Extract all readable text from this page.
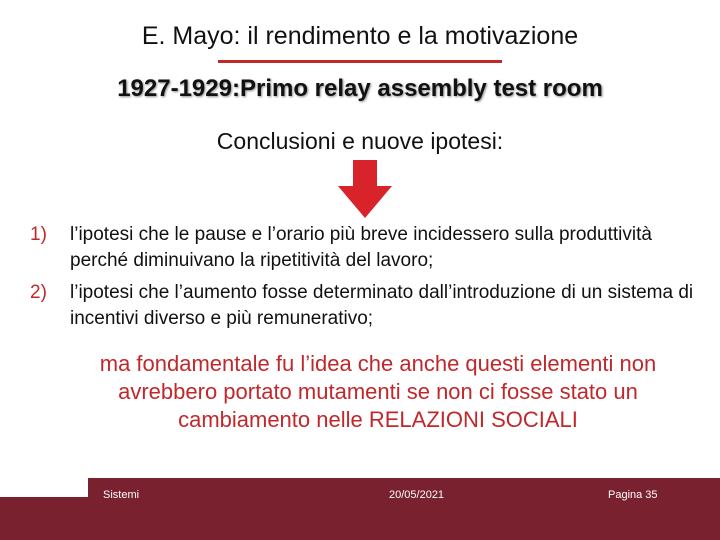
E. Mayo: il rendimento e la motivazione
1927-1929:Primo relay assembly test room
Conclusioni e nuove ipotesi:
1) l’ipotesi che le pause e l’orario più breve incidessero sulla produttività perché diminuivano la ripetitività del lavoro;
2) l’ipotesi che l’aumento fosse determinato dall’introduzione di un sistema di incentivi diverso e più remunerativo;
ma fondamentale fu l’idea che anche questi elementi non avrebbero portato mutamenti se non ci fosse stato un cambiamento nelle RELAZIONI SOCIALI
Sistemi	20/05/2021	Pagina 35
